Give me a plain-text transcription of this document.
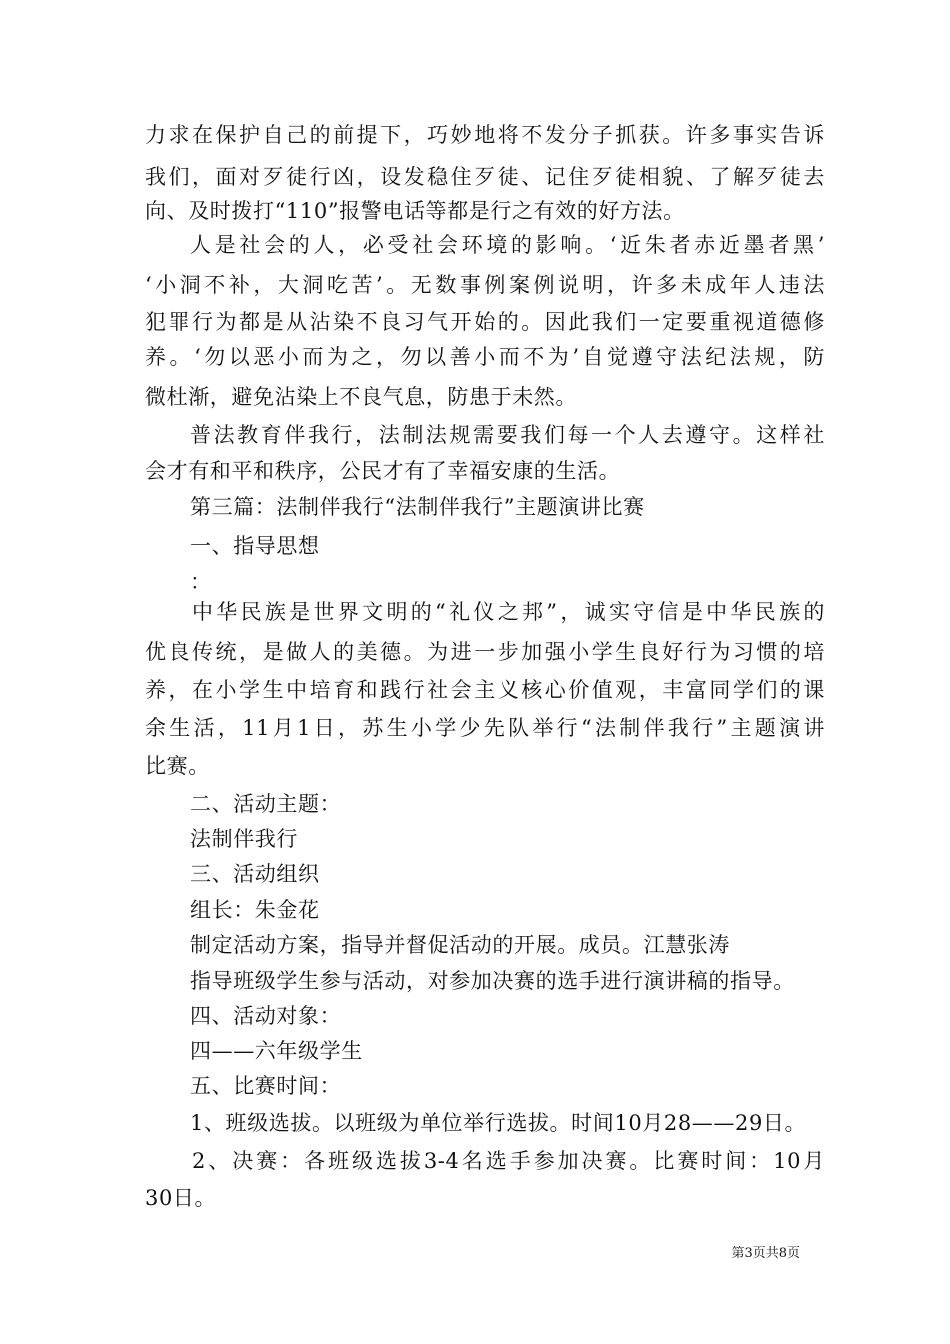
力求在保护自己的前提下，巧妙地将不发分子抓获。许多事实告诉

我们，面对歹徒行凶，设发稳住歹徒、记住歹徒相貌、了解歹徒去

向、及时拨打“110”报警电话等都是行之有效的好方法。

人是社会的人，必受社会环境的影响。‘近朱者赤近墨者黑’

‘小洞不补，大洞吃苦’。无数事例案例说明，许多未成年人违法

犯罪行为都是从沾染不良习气开始的。因此我们一定要重视道德修

养。‘勿以恶小而为之，勿以善小而不为’自觉遵守法纪法规，防

微杜渐，避免沾染上不良气息，防患于未然。

普法教育伴我行，法制法规需要我们每一个人去遵守。这样社

会才有和平和秩序，公民才有了幸福安康的生活。

第三篇：法制伴我行“法制伴我行”主题演讲比赛

一、指导思想

：

中华民族是世界文明的“礼仪之邦”，诚实守信是中华民族的

优良传统，是做人的美德。为进一步加强小学生良好行为习惯的培

养，在小学生中培育和践行社会主义核心价值观，丰富同学们的课

余生活，11月1日，苏生小学少先队举行“法制伴我行”主题演讲

比赛。

二、活动主题：

法制伴我行

三、活动组织

组长：朱金花

制定活动方案，指导并督促活动的开展。成员。江慧张涛

指导班级学生参与活动，对参加决赛的选手进行演讲稿的指导。

四、活动对象：

四——六年级学生

五、比赛时间：

1、班级选拔。以班级为单位举行选拔。时间10月28——29日。

2、决赛：各班级选拔3-4名选手参加决赛。比赛时间：10月

30日。

第3页共8页
